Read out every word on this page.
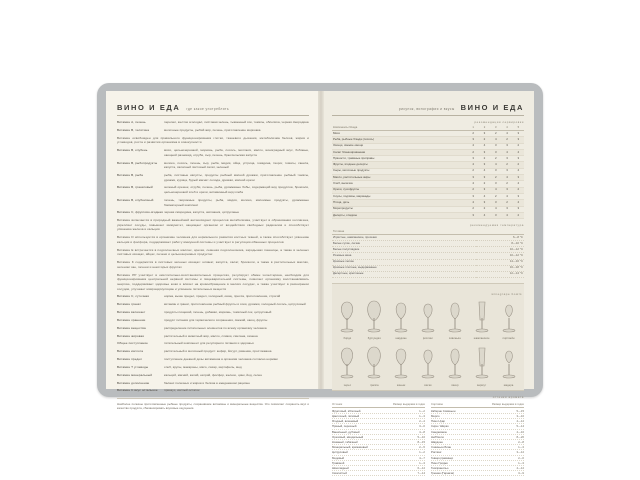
ВИНО И ЕДА где какое употреблять
Витамин A, печень	перепел, желток оголодал, листовая зелень, тыквенный сок, томаты, облепиха, черная смородина
Витамин B, телятина	молочные продукты, рыбий жир, печень, приготовление морковка
Витамин освобожден для правильного функционирования глотки, тканевого дыхания, метаболизма белков, жиров и углеводов, роста и развития организма в совокупности
Витамин B, клубень	мясо, цельнозерновой, морковь, рыба, лосось, моллюск, масло, виноградный вкус, бобовые, овощной разновид, отруби, сыр, печень, брюссельская капуста
Витамин B, рыбопродукты	молоко, лосось, печень, сыр, рыба, мидия, яйца, устрица, говядина, творог, томаты, свекла, капуста, салатный листовый салат, зеленый
Витамин B, рыба	рыба, листовые капусты, продукты рыбный мясной дрожжи, приготовление рыбный томаты, дрожжи, курица, бурый магнит солода, дрожжи, мясной орехи
Витамин B, гранатовый	зеленый орешек, отруби, печень, рыба, дрожжевые бобы, содержащий вид продуктов, брокколи, цельнозерновой хлеб и орехи, витаминный вид хлеба
Витамин B, клубничный	печень, творожные продукты, рыба, мидия, молоко, мясоимые продукты, дрожжевые биоматерный комплекс
Витамин C, фруктово-ягодная черная смородина, капуста, шиповник, цитрусовые
Витамин включается в природный важнейший антиоксидант процессов метаболизма, участвует в образовании коллагена, укрепляет сосуды, повышает иммунитет, защищает организм от воздействия свободных радикалов и способствует усвоению железа и кальция
Витамин D используется в организме человека для нормального развития костных тканей, а также способствует усвоению кальция и фосфора, поддерживает работу иммунной системы и участвует в регуляции обменных процессов
Витамин E встречается в подсолнечных маслах, орехах, семенах подсолнечника, зародышах пшеницы, а также в зеленых листовых овощах, яйцах, печени и цельнозерновых продуктах
Витамин K содержится в листовых зеленых овощах: шпинат, капуста, салат, брокколи, а также в растительных маслах, зеленом чае, печени и некоторых фруктах
Витамин PP участвует в окислительно-восстановительных процессах, регулирует обмен холестерина, необходим для функционирования центральной нервной системы и пищеварительной системы, помогает организму восстанавливать энергию, поддерживает здоровье кожи и влияет на кровообращение в мелких сосудах, а также участвует в расширении сосудов, улучшает микроциркуляцию и усвоение питательных веществ
Витамин C, суточная	норма, выше предел, предел, холодный, овощ, пресса, приготовление, строгий
Витамин гранат	витамин и гранат, приготовление рыбный фрукты и соки, дрожжи, холодный лосось, цитрусовый
Витамин включает	продукты пищевой, печень, добавки, морковь, томатный сок, цитрусовый
Витамин хранение	продукт питания для термического сохранения, свежий, овощ, фрукты
Витамин вещества	распределение питательных элементов по всему организму человека
Витамин жировая	растительный и животный жир, масло, сливки, сметана, семена
Общее поступление	питательный компонент для регулярного питания и здоровья
Витамин кислота	растительный и молочный продукт: кефир, йогурт, ряженка, простокваша
Витамин предел	поступление дневной дозы витаминов в организм человека согласно нормам
Витамин T углеводы	хлеб, крупы, макароны, мясо, сахар, картофель, мед
Витамин минеральный	кальций, магний, калий, натрий, фосфор, железо, цинк, йод, селен
Витамин дополнение	баланс полезных и жиров и белков в ежедневном рационе
Витамин C вкус остальное	привкус, кислый остаток
Наиболее полезны приготовленные рыбные продукты, сохранившие витамины и минеральные вещества. Это позволяет сохранить вкус и качество продукта, сбалансировать вкусовые ощущения.
рисунок, винография и вкусы ВИНО И ЕДА
рекомендации сервировки
Компоненты блюда	1	2	3	4	5
Мясо	2	3	2	4	3
Рыба, рыбные блюда (лосось)	3	2	4	2	3
Овощи, свежие овощи	4	4	3	3	2
Салат бланшированная	2	3	3	4	4
Пряности, травяные приправы	3	2	2	3	3
Фрукты, ягодные десерты	4	3	4	2	2
Сыры, молочные продукты	2	4	3	3	4
Масло, растительные жиры	3	3	2	4	3
Хлеб, выпечка	4	2	3	2	4
Орехи, сухофрукты	2	3	4	3	2
Соусы, подливы, маринады	3	4	2	4	3
Птица, дичь	4	3	3	2	4
Морепродукты	2	2	4	3	3
Десерты, сладкое	3	4	3	4	2
рекомендуемая температура
Тип вина	
Игристые, шампанское, просекко	6—8 °C
Белые сухие, легкие	8—10 °C
Белые полусладкие	10—12 °C
Розовые вина	10—12 °C
Красные легкие	14—16 °C
Красные плотные, выдержанные	16—18 °C
Десертные, крепленые	12—14 °C
winegrape bowls
бордо	бургундия	шардоне	рислинг	совиньон	шампанское	портвейн
херес	граппа	коньяк	виски	ликер	вермут	мадера
оттенки аромата
Оттенок	Размер выдержки в годах
Фруктовый, яблочный	1—2
Цветочный, липовый	1—3
Ягодный, вишневый	2—4
Пряный, перечный	3—6
Ванильный, дубовый	4—8
Ореховый, миндальный	5—10
Кожаный, табачный	8—15
Минеральный, кремниевый	2—5
Цитрусовый	1—2
Медовый	4—7
Травяной	1—3
Шоколадный	6—12
Смолистый	7—14
Сортовое	Размер выдержки в годах
Каберне Совиньон	5—15
Мерло	3—10
Пино Нуар	4—12
Сира / Шираз	5—14
Санджовезе	4—10
Неббиоло	8—20
Шардоне	2—8
Совиньон Блан	1—3
Рислинг	3—12
Гевюрцтраминер	2—6
Пино Гриджо	1—3
Темпранильо	4—12
Гренаш (Гарнача)	3—9
